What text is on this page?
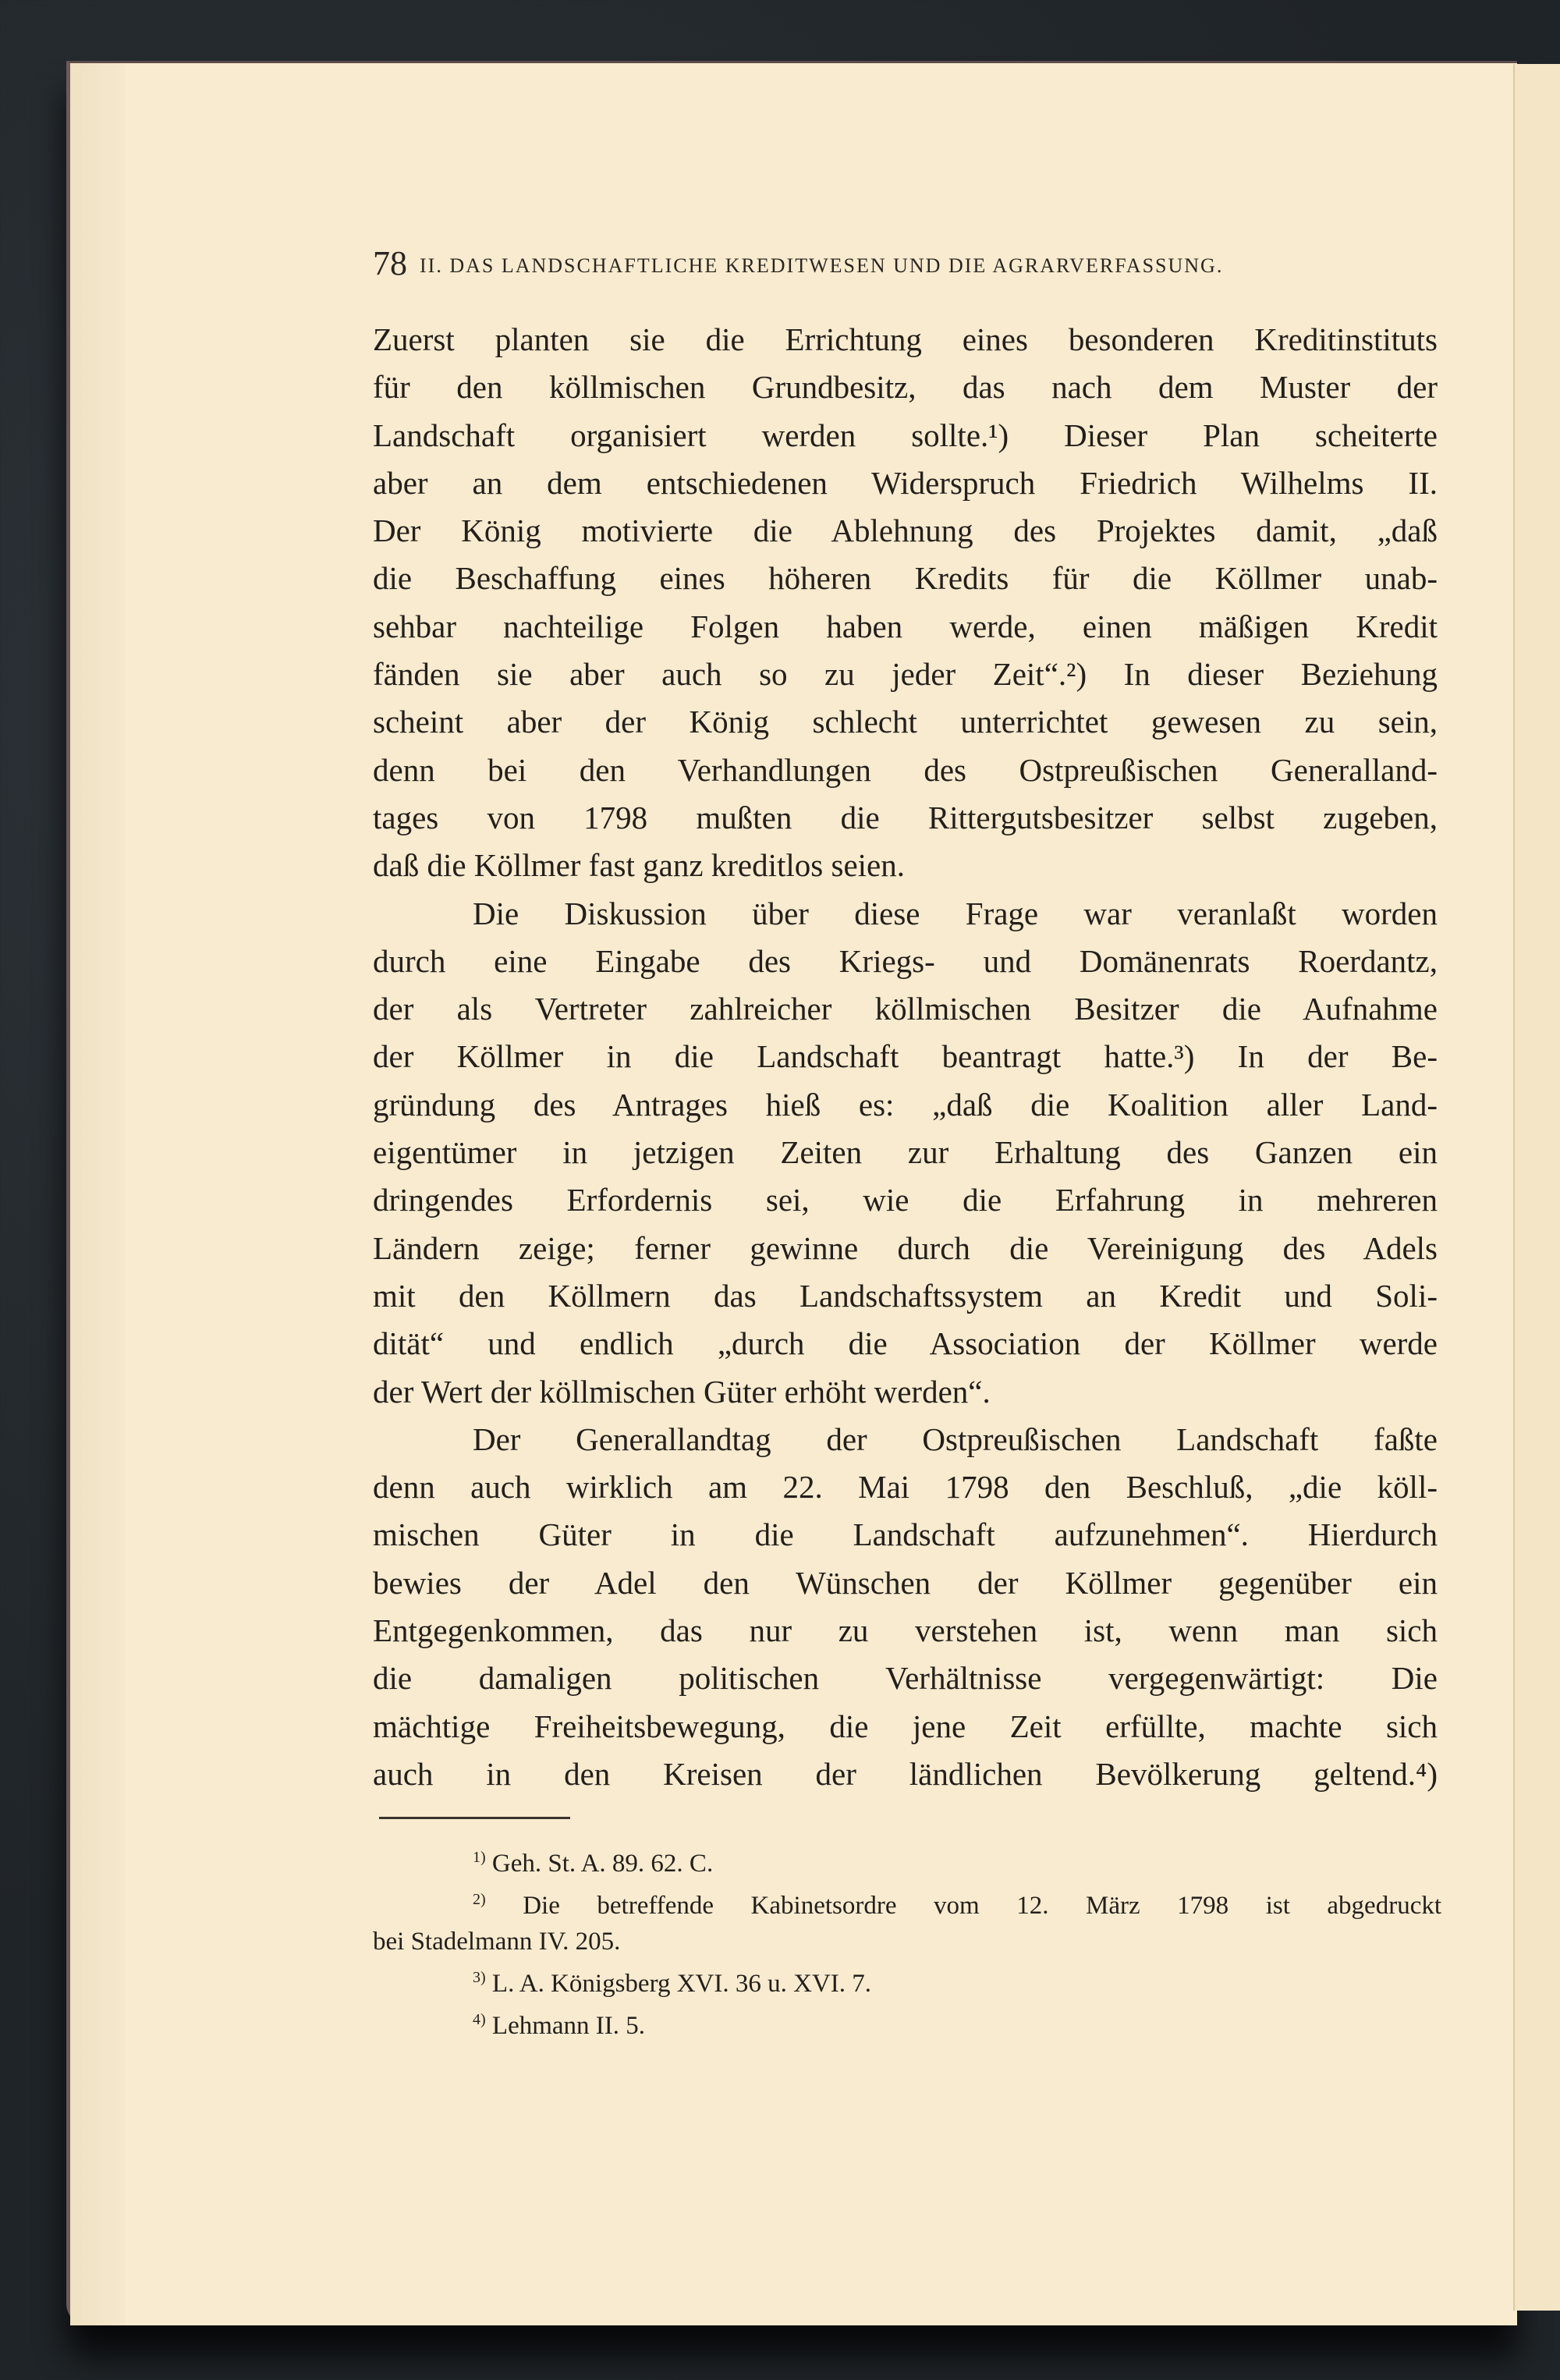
78 II. DAS LANDSCHAFTLICHE KREDITWESEN UND DIE AGRARVERFASSUNG.

Zuerst planten sie die Errichtung eines besonderen Kreditinstituts
für den köllmischen Grundbesitz, das nach dem Muster der
Landschaft organisiert werden sollte.¹) Dieser Plan scheiterte
aber an dem entschiedenen Widerspruch Friedrich Wilhelms II.
Der König motivierte die Ablehnung des Projektes damit, „daß
die Beschaffung eines höheren Kredits für die Köllmer unab-
sehbar nachteilige Folgen haben werde, einen mäßigen Kredit
fänden sie aber auch so zu jeder Zeit“.²) In dieser Beziehung
scheint aber der König schlecht unterrichtet gewesen zu sein,
denn bei den Verhandlungen des Ostpreußischen Generalland-
tages von 1798 mußten die Rittergutsbesitzer selbst zugeben,
daß die Köllmer fast ganz kreditlos seien.

Die Diskussion über diese Frage war veranlaßt worden
durch eine Eingabe des Kriegs- und Domänenrats Roerdantz,
der als Vertreter zahlreicher köllmischen Besitzer die Aufnahme
der Köllmer in die Landschaft beantragt hatte.³) In der Be-
gründung des Antrages hieß es: „daß die Koalition aller Land-
eigentümer in jetzigen Zeiten zur Erhaltung des Ganzen ein
dringendes Erfordernis sei, wie die Erfahrung in mehreren
Ländern zeige; ferner gewinne durch die Vereinigung des Adels
mit den Köllmern das Landschaftssystem an Kredit und Soli-
dität“ und endlich „durch die Association der Köllmer werde
der Wert der köllmischen Güter erhöht werden“.

Der Generallandtag der Ostpreußischen Landschaft faßte
denn auch wirklich am 22. Mai 1798 den Beschluß, „die köll-
mischen Güter in die Landschaft aufzunehmen“. Hierdurch
bewies der Adel den Wünschen der Köllmer gegenüber ein
Entgegenkommen, das nur zu verstehen ist, wenn man sich
die damaligen politischen Verhältnisse vergegenwärtigt: Die
mächtige Freiheitsbewegung, die jene Zeit erfüllte, machte sich
auch in den Kreisen der ländlichen Bevölkerung geltend.⁴)

$^{1)}$ Geh. St. A. 89. 62. C.
$^{2)}$ Die betreffende Kabinetsordre vom 12. März 1798 ist abgedruckt
bei Stadelmann IV. 205.
$^{3)}$ L. A. Königsberg XVI. 36 u. XVI. 7.
$^{4)}$ Lehmann II. 5.
